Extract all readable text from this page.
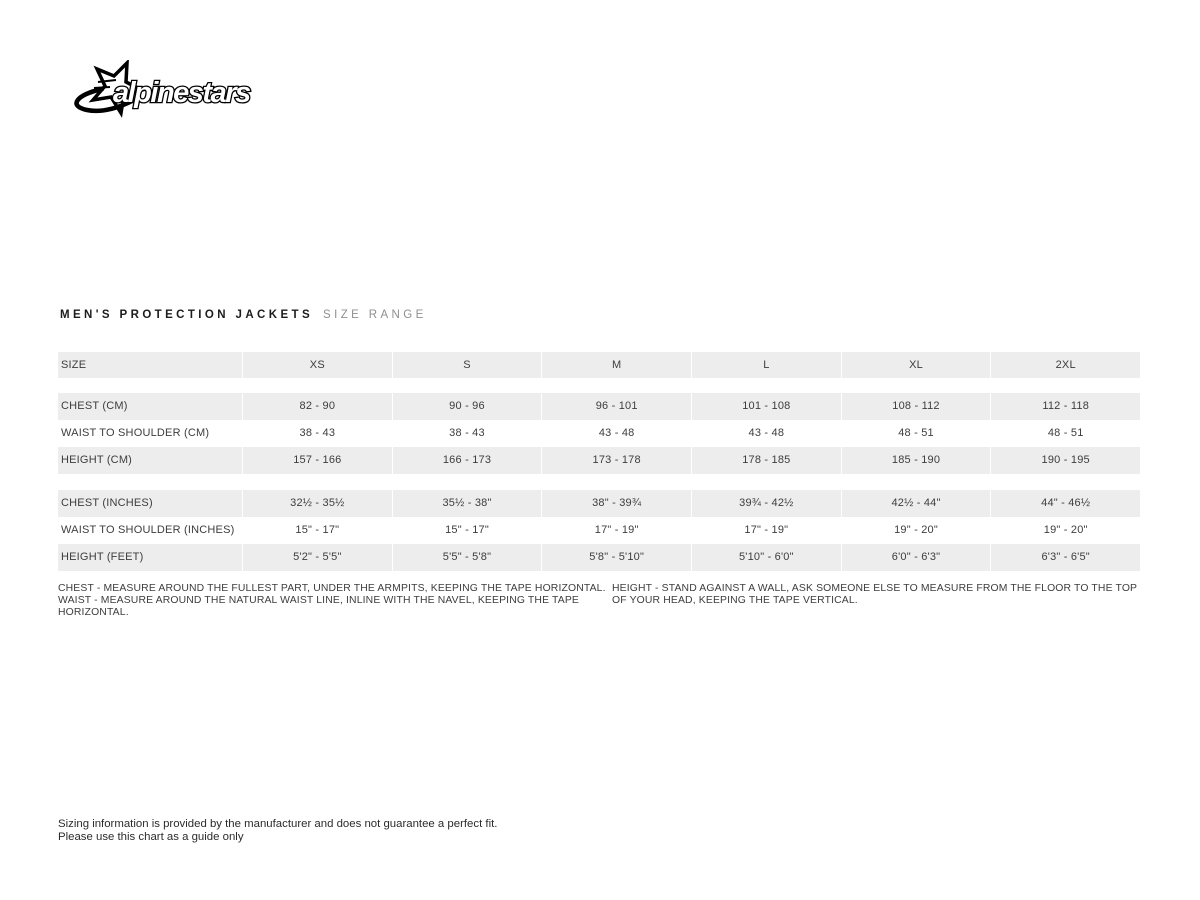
alpinestars
MEN'S PROTECTION JACKETS SIZE RANGE
SIZE	XS	S	M	L	XL	2XL
CHEST (CM)	82 - 90	90 - 96	96 - 101	101 - 108	108 - 112	112 - 118
WAIST TO SHOULDER (CM)	38 - 43	38 - 43	43 - 48	43 - 48	48 - 51	48 - 51
HEIGHT (CM)	157 - 166	166 - 173	173 - 178	178 - 185	185 - 190	190 - 195
CHEST (INCHES)	32½ - 35½	35½ - 38"	38" - 39¾	39¾ - 42½	42½ - 44"	44" - 46½
WAIST TO SHOULDER (INCHES)	15" - 17"	15" - 17"	17" - 19"	17" - 19"	19" - 20"	19" - 20"
HEIGHT (FEET)	5'2" - 5'5"	5'5" - 5'8"	5'8" - 5'10"	5'10" - 6'0"	6'0" - 6'3"	6'3" - 6'5"
CHEST - MEASURE AROUND THE FULLEST PART, UNDER THE ARMPITS, KEEPING THE TAPE HORIZONTAL.
WAIST - MEASURE AROUND THE NATURAL WAIST LINE, INLINE WITH THE NAVEL, KEEPING THE TAPE HORIZONTAL.
HEIGHT - STAND AGAINST A WALL, ASK SOMEONE ELSE TO MEASURE FROM THE FLOOR TO THE TOP OF YOUR HEAD, KEEPING THE TAPE VERTICAL.
Sizing information is provided by the manufacturer and does not guarantee a perfect fit.
Please use this chart as a guide only
